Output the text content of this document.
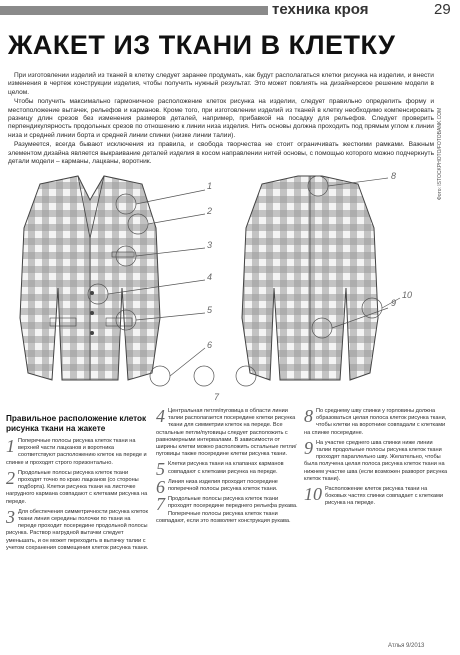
техника кроя	29
ЖАКЕТ ИЗ ТКАНИ В КЛЕТКУ
Фото: ISTOCKPHOTO/FOTOBANK.COM

При изготовлении изделий из тканей в клетку следует заранее продумать, как будут располагаться клетки рисунка на изделии, и внести изменения в чертеж конструкции изделия, чтобы получить нужный результат. Это может повлиять на дизайнерское решение модели в целом.

Чтобы получить максимально гармоничное расположение клеток рисунка на изделии, следует правильно определить форму и местоположение вытачек, рельефов и карманов. Кроме того, при изготовлении изделий из тканей в клетку необходимо компенсировать разницу длин срезов без изменения размеров деталей, например, прибавкой на посадку для рельефов. Следует проверить перпендикулярность продольных срезов по отношению к линии низа изделия. Нить основы должна проходить под прямым углом к линии низа и средней линии борта и средней линии спинки (низке линии талии).

Разумеется, всегда бывают исключения из правила, и свобода творчества не стоит ограничивать жесткими рамками. Важным элементом дизайна является выкраивание деталей изделия в косом направлении нитей основы, с помощью которого можно подчеркнуть детали модели – карманы, лацканы, воротник.

1
2
3
4
5
6
7
8
9
10
Правильное расположение клеток рисунка ткани на жакете

1 Поперечные полосы рисунка клеток ткани на верхней части лацканов и воротника соответствуют расположению клеток на переде и спинке и проходят строго горизонтально.

2 Продольные полосы рисунка клеток ткани проходят точно по краю лацканов (со стороны подборта). Клетки рисунка ткани на листочке нагрудного кармана совпадают с клетками рисунка на переде.

3 Для обеспечения симметричности рисунка клеток ткани линия середины полочки по ткани на переде проходит посередине продольной полосы рисунка. Раствор нагрудной вытачки следует уменьшать, и он может переходить в вытачку талии с учетом сохранения совмещения клеток рисунка ткани.

4 Центральная петля/пуговица в области линии талии располагается посередине клетки рисунка ткани для симметрии клеток на переде. Все остальные петли/пуговицы следует расположить с равномерными интервалами. В зависимости от ширины клетки можно расположить остальные петли/пуговицы также посередине клетки рисунка ткани.

5 Клетки рисунка ткани на клапанах карманов совпадают с клетками рисунка на переде.

6 Линия низа изделия проходит посередине поперечной полосы рисунка клеток ткани.

7 Продольные полосы рисунка клеток ткани проходят посередине переднего рельефа рукава. Поперечные полосы рисунка клеток ткани совпадают, если это позволяет конструкция рукава.

8 По среднему шву спинки у горловины должна образоваться целая полоса клеток рисунка ткани, чтобы клетки на воротнике совпадали с клетками на спинке посередине.

9 На участке среднего шва спинки ниже линии талии продольные полосы рисунка клеток ткани проходят параллельно шву. Желательно, чтобы была получена целая полоса рисунка клеток ткани на нижнем участке шва (если возможен разворот рисунка клеток ткани).

10 Расположение клеток рисунка ткани на боковых частях спинки совпадает с клетками рисунка на переде.

Атлья 9/2013
